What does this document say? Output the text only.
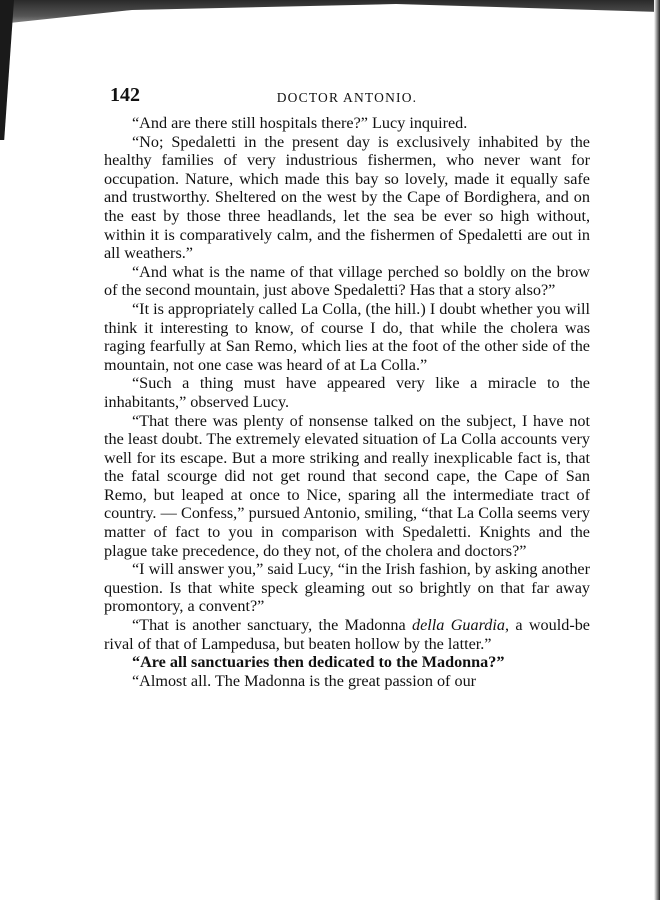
142	DOCTOR ANTONIO.

“And are there still hospitals there?” Lucy inquired.

“No; Spedaletti in the present day is exclusively inhabited by the healthy families of very industrious fishermen, who never want for occupation. Nature, which made this bay so lovely, made it equally safe and trustworthy. Sheltered on the west by the Cape of Bordighera, and on the east by those three headlands, let the sea be ever so high without, within it is comparatively calm, and the fishermen of Spedaletti are out in all weathers.”

“And what is the name of that village perched so boldly on the brow of the second mountain, just above Spedaletti? Has that a story also?”

“It is appropriately called La Colla, (the hill.) I doubt whether you will think it interesting to know, of course I do, that while the cholera was raging fearfully at San Remo, which lies at the foot of the other side of the mountain, not one case was heard of at La Colla.”

“Such a thing must have appeared very like a miracle to the inhabitants,” observed Lucy.

“That there was plenty of nonsense talked on the subject, I have not the least doubt. The extremely elevated situation of La Colla accounts very well for its escape. But a more striking and really inexplicable fact is, that the fatal scourge did not get round that second cape, the Cape of San Remo, but leaped at once to Nice, sparing all the intermediate tract of country. — Confess,” pursued Antonio, smiling, “that La Colla seems very matter of fact to you in comparison with Spedaletti. Knights and the plague take precedence, do they not, of the cholera and doctors?”

“I will answer you,” said Lucy, “in the Irish fashion, by asking another question. Is that white speck gleaming out so brightly on that far away promontory, a convent?”

“That is another sanctuary, the Madonna della Guardia, a would-be rival of that of Lampedusa, but beaten hollow by the latter.”

“Are all sanctuaries then dedicated to the Madonna?”

“Almost all. The Madonna is the great passion of our
